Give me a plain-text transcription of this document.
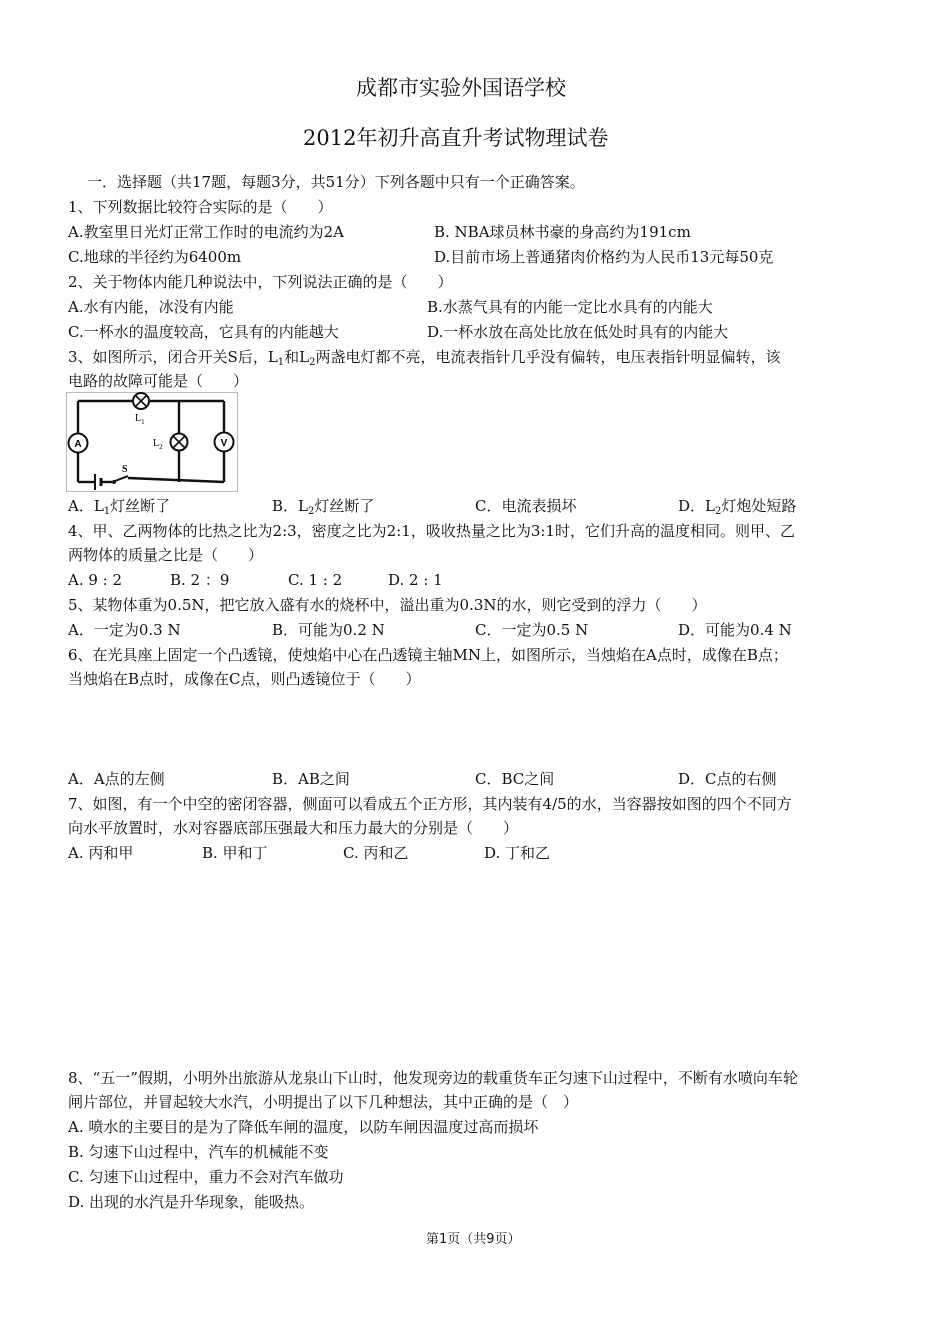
成都市实验外国语学校
2012年初升高直升考试物理试卷
一．选择题（共17题，每题3分，共51分）下列各题中只有一个正确答案。
1、下列数据比较符合实际的是（　　）
A.教室里日光灯正常工作时的电流约为2A	B. NBA球员林书豪的身高约为191cm
C.地球的半径约为6400m	D.目前市场上普通猪肉价格约为人民币13元每50克
2、关于物体内能几种说法中，下列说法正确的是（　　）
A.水有内能，冰没有内能	B.水蒸气具有的内能一定比水具有的内能大
C.一杯水的温度较高，它具有的内能越大	D.一杯水放在高处比放在低处时具有的内能大
3、如图所示，闭合开关S后，$L_1$和$L_2$两盏电灯都不亮，电流表指针几乎没有偏转，电压表指针明显偏转，该
电路的故障可能是（　　）
S
$L_1$
$L_2$
A	V
A．$L_1$灯丝断了	B．$L_2$灯丝断了	C．电流表损坏	D．$L_2$灯炮处短路
4、甲、乙两物体的比热之比为2:3，密度之比为2:1，吸收热量之比为3:1时，它们升高的温度相同。则甲、乙
两物体的质量之比是（　　）
A. 9 : 2	B. 2 ：9	C. 1 : 2	D. 2 : 1
5、某物体重为0.5N，把它放入盛有水的烧杯中，溢出重为0.3N的水，则它受到的浮力（　　）
A．一定为0.3 N	B．可能为0.2 N	C．一定为0.5 N	D．可能为0.4 N
6、在光具座上固定一个凸透镜，使烛焰中心在凸透镜主轴MN上，如图所示，当烛焰在A点时，成像在B点；
当烛焰在B点时，成像在C点，则凸透镜位于（　　）
A．A点的左侧	B．AB之间	C．BC之间	D．C点的右侧
7、如图，有一个中空的密闭容器，侧面可以看成五个正方形，其内装有4/5的水，当容器按如图的四个不同方
向水平放置时，水对容器底部压强最大和压力最大的分别是（　　）
A. 丙和甲	B. 甲和丁	C. 丙和乙	D. 丁和乙
8、“五一”假期，小明外出旅游从龙泉山下山时，他发现旁边的载重货车正匀速下山过程中，不断有水喷向车轮
闸片部位，并冒起较大水汽，小明提出了以下几种想法，其中正确的是（　）
A. 喷水的主要目的是为了降低车闸的温度，以防车闸因温度过高而损坏
B. 匀速下山过程中，汽车的机械能不变
C. 匀速下山过程中，重力不会对汽车做功
D. 出现的水汽是升华现象，能吸热。
第1页（共9页）
